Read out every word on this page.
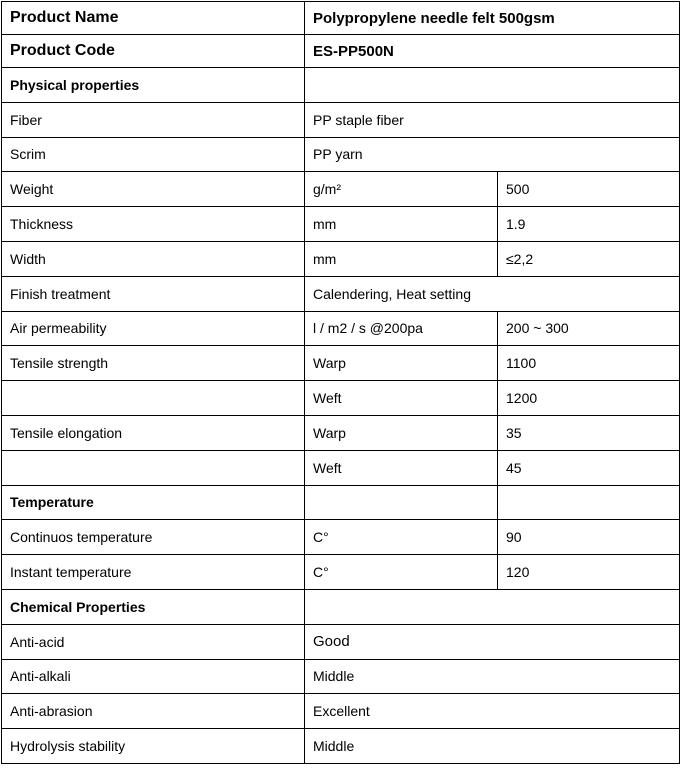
Product Name	Polypropylene needle felt 500gsm	
Product Code	ES-PP500N	
Physical properties		
Fiber	PP staple fiber	
Scrim	PP yarn	
Weight	g/m²	500
Thickness	mm	1.9
Width	mm	≤2,2
Finish treatment	Calendering, Heat setting	
Air permeability	l / m2 / s @200pa	200 ~ 300
Tensile strength	Warp	1100
	Weft	1200
Tensile elongation	Warp	35
	Weft	45
Temperature		
Continuos temperature	C°	90
Instant temperature	C°	120
Chemical Properties		
Anti-acid	Good	
Anti-alkali	Middle	
Anti-abrasion	Excellent	
Hydrolysis stability	Middle	
